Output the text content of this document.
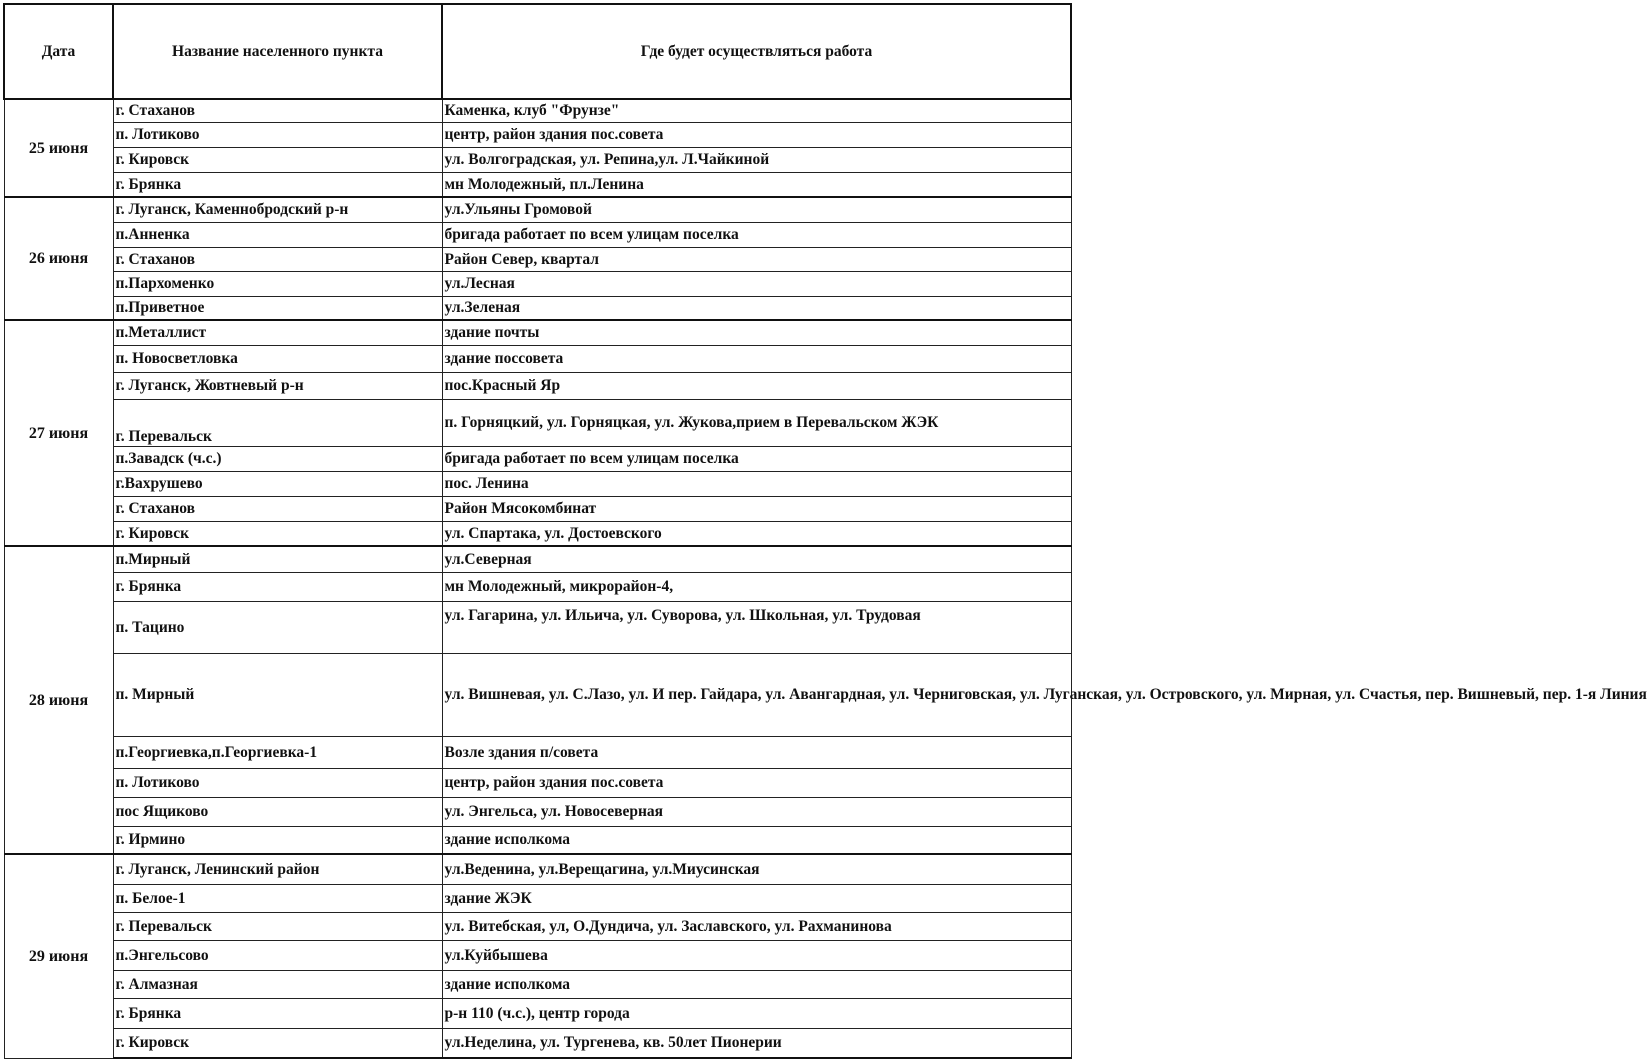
Дата	Название населенного пункта	Где будет осуществляться работа
25 июня	г. Стаханов	Каменка, клуб "Фрунзе"
	п. Лотиково	центр, район здания пос.совета
	г. Кировск	ул. Волгоградская, ул. Репина,ул. Л.Чайкиной
	г. Брянка	мн Молодежный, пл.Ленина
26 июня	г. Луганск, Каменнобродский р-н	ул.Ульяны Громовой
	п.Анненка	бригада работает по всем улицам поселка
	г. Стаханов	Район Север, квартал
	п.Пархоменко	ул.Лесная
	п.Приветное	ул.Зеленая
27 июня	п.Металлист	здание почты
	п. Новосветловка	здание поссовета
	г. Луганск, Жовтневый р-н	пос.Красный Яр
	г. Перевальск	п. Горняцкий, ул. Горняцкая, ул. Жукова,прием в Перевальском ЖЭК
	п.Завадск (ч.с.)	бригада работает по всем улицам поселка
	г.Вахрушево	пос. Ленина
	г. Стаханов	Район Мясокомбинат
	г. Кировск	ул. Спартака, ул. Достоевского
28 июня	п.Мирный	ул.Северная
	г. Брянка	мн Молодежный, микрорайон-4,
	п. Тацино	ул. Гагарина, ул. Ильича, ул. Суворова, ул. Школьная, ул. Трудовая
	п. Мирный	ул. Вишневая, ул. С.Лазо, ул. И пер. Гайдара, ул. Авангардная, ул. Черниговская, ул. Луганская, ул. Островского, ул. Мирная, ул. Счастья, пер. Вишневый, пер. 1-я Линия
	п.Георгиевка,п.Георгиевка-1	Возле здания п/совета
	п. Лотиково	центр, район здания пос.совета
	пос Ящиково	ул. Энгельса, ул. Новосеверная
	г. Ирмино	здание исполкома
29 июня	г. Луганск, Ленинский район	ул.Веденина, ул.Верещагина, ул.Миусинская
	п. Белое-1	здание ЖЭК
	г. Перевальск	ул. Витебская, ул, О.Дундича, ул. Заславского, ул. Рахманинова
	п.Энгельсово	ул.Куйбышева
	г. Алмазная	здание исполкома
	г. Брянка	р-н 110 (ч.с.), центр города
	г. Кировск	ул.Неделина, ул. Тургенева, кв. 50лет Пионерии
